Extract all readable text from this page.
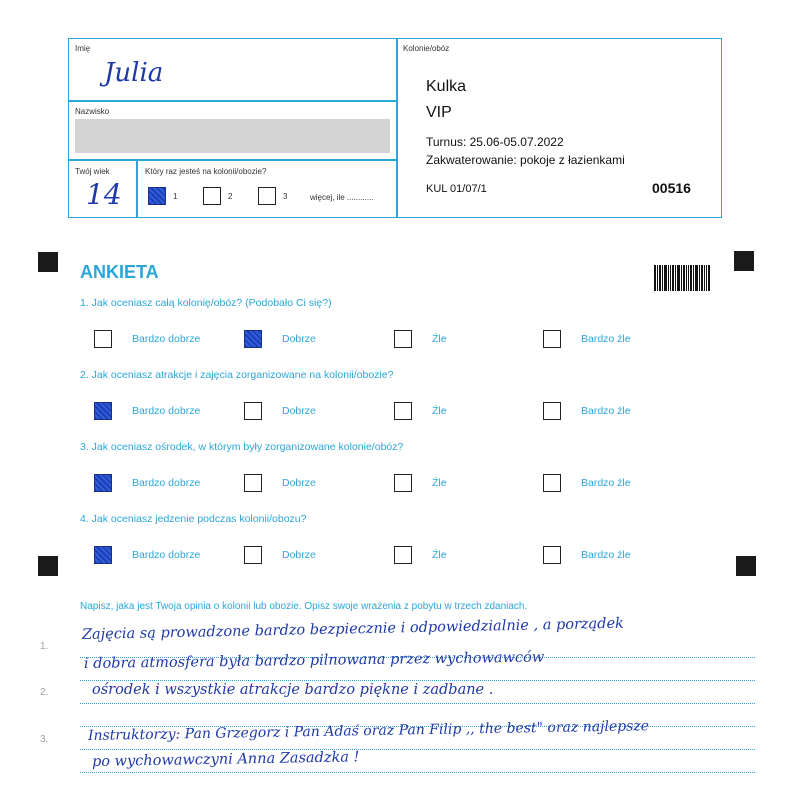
Imię
Julia
Nazwisko
Twój wiek
14
Który raz jesteś na kolonii/obozie?
1	2	3	więcej, ile ............
Kolonie/obóz
Kulka
VIP
Turnus: 25.06-05.07.2022
Zakwaterowanie: pokoje z łazienkami
KUL 01/07/1	00516
ANKIETA
1. Jak oceniasz całą kolonię/obóz? (Podobało Ci się?)
Bardzo dobrze	Dobrze	Źle	Bardzo źle
2. Jak oceniasz atrakcje i zajęcia zorganizowane na kolonii/obozie?
Bardzo dobrze	Dobrze	Źle	Bardzo źle
3. Jak oceniasz ośrodek, w którym były zorganizowane kolonie/obóz?
Bardzo dobrze	Dobrze	Źle	Bardzo źle
4. Jak oceniasz jedzenie podczas kolonii/obozu?
Bardzo dobrze	Dobrze	Źle	Bardzo źle
Napisz, jaka jest Twoja opinia o kolonii lub obozie. Opisz swoje wrażenia z pobytu w trzech zdaniach.
1.
2.
3.
Zajęcia są prowadzone bardzo bezpiecznie i odpowiedzialnie , a porządek
i dobra atmosfera była bardzo pilnowana przez wychowawców
ośrodek i wszystkie atrakcje bardzo piękne i zadbane .
Instruktorzy: Pan Grzegorz i Pan Adaś oraz Pan Filip ,, the best" oraz najlepsze
po wychowawczyni Anna Zasadzka !
